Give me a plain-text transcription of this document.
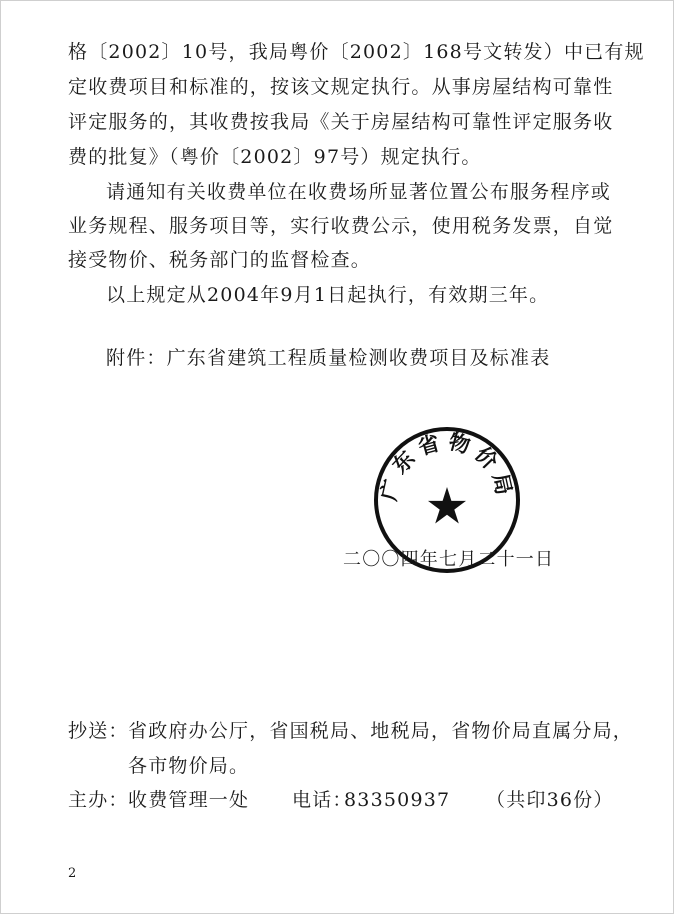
格〔2002〕10号，我局粤价〔2002〕168号文转发）中已有规
定收费项目和标准的，按该文规定执行。从事房屋结构可靠性
评定服务的，其收费按我局《关于房屋结构可靠性评定服务收
费的批复》（粤价〔2002〕97号）规定执行。
请通知有关收费单位在收费场所显著位置公布服务程序或
业务规程、服务项目等，实行收费公示，使用税务发票，自觉
接受物价、税务部门的监督检查。
以上规定从2004年9月1日起执行，有效期三年。
附件：广东省建筑工程质量检测收费项目及标准表
广东省物价局
二〇〇四年七月二十一日
抄送： 省政府办公厅，省国税局、地税局，省物价局直属分局，
各市物价局。
主办： 收费管理一处 电话：
83350937 （共印36份）
2
